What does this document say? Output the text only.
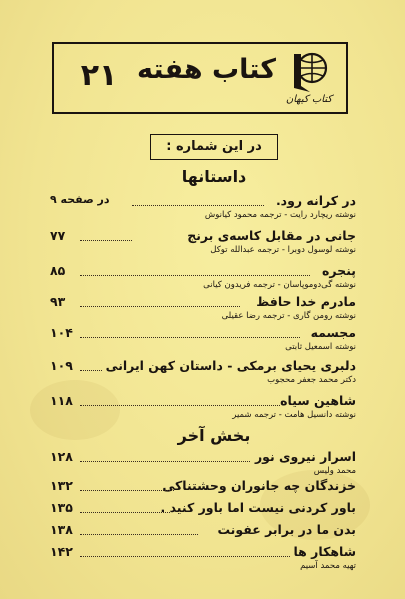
۲۱ کتاب هفته
کتاب کیهان
در این شماره :
داستانها
در کرانه رود.
در صفحه ۹
نوشته ریچارد رایت - ترجمه محمود کیانوش
جانی در مقابل کاسه‌ی برنج
۷۷
نوشته لوسول دوبرا - ترجمه عبدالله توکل
پنجره
۸۵
نوشته گی‌دوموپاسان - ترجمه فریدون کیانی
مادرم خدا حافظ
۹۳
نوشته رومن گاری - ترجمه رضا عقیلی
مجسمه
۱۰۴
نوشته اسمعیل ثابتی
دلبری یحیای برمکی - داستان کهن ایرانی
۱۰۹
دکتر محمد جعفر محجوب
شاهین سیاه
۱۱۸
نوشته دانسیل هامت - ترجمه شمیر
بخش آخر
اسرار نیروی نور
۱۲۸
محمد ولیس
خزندگان چه جانوران وحشتناکی
۱۳۲
باور کردنی نیست اما باور کنید .
۱۳۵
بدن ما در برابر عفونت
۱۳۸
شاهکار ها
۱۴۲
تهیه محمد آسیم
